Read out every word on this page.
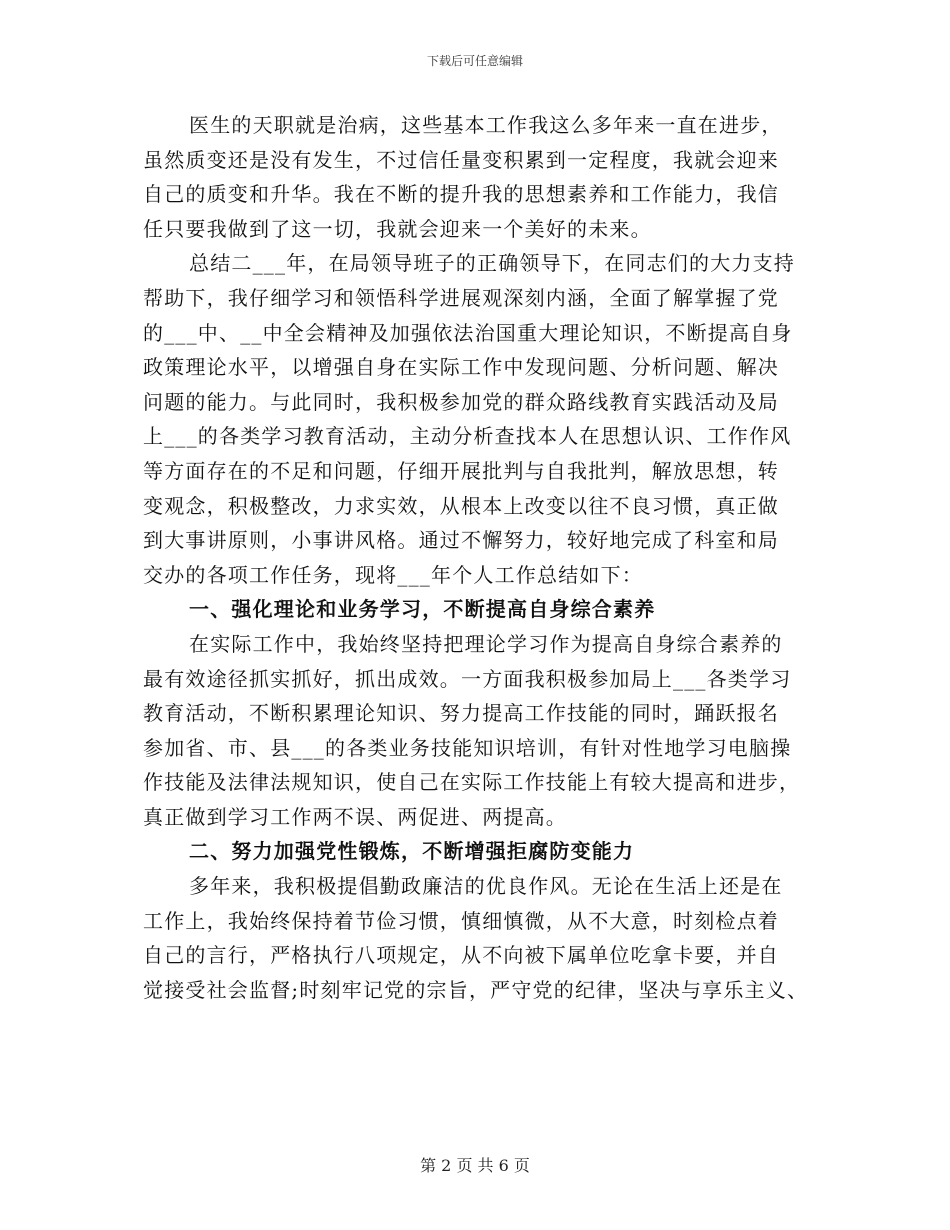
下载后可任意编辑
医生的天职就是治病，这些基本工作我这么多年来一直在进步，
虽然质变还是没有发生，不过信任量变积累到一定程度，我就会迎来
自己的质变和升华。我在不断的提升我的思想素养和工作能力，我信
任只要我做到了这一切，我就会迎来一个美好的未来。
总结二___年，在局领导班子的正确领导下，在同志们的大力支持
帮助下，我仔细学习和领悟科学进展观深刻内涵，全面了解掌握了党
的___中、__中全会精神及加强依法治国重大理论知识，不断提高自身
政策理论水平，以增强自身在实际工作中发现问题、分析问题、解决
问题的能力。与此同时，我积极参加党的群众路线教育实践活动及局
上___的各类学习教育活动，主动分析查找本人在思想认识、工作作风
等方面存在的不足和问题，仔细开展批判与自我批判，解放思想，转
变观念，积极整改，力求实效，从根本上改变以往不良习惯，真正做
到大事讲原则，小事讲风格。通过不懈努力，较好地完成了科室和局
交办的各项工作任务，现将___年个人工作总结如下：
一、强化理论和业务学习，不断提高自身综合素养
在实际工作中，我始终坚持把理论学习作为提高自身综合素养的
最有效途径抓实抓好，抓出成效。一方面我积极参加局上___各类学习
教育活动，不断积累理论知识、努力提高工作技能的同时，踊跃报名
参加省、市、县___的各类业务技能知识培训，有针对性地学习电脑操
作技能及法律法规知识，使自己在实际工作技能上有较大提高和进步，
真正做到学习工作两不误、两促进、两提高。
二、努力加强党性锻炼，不断增强拒腐防变能力
多年来，我积极提倡勤政廉洁的优良作风。无论在生活上还是在
工作上，我始终保持着节俭习惯，慎细慎微，从不大意，时刻检点着
自己的言行，严格执行八项规定，从不向被下属单位吃拿卡要，并自
觉接受社会监督;时刻牢记党的宗旨，严守党的纪律，坚决与享乐主义、
第 2 页 共 6 页
